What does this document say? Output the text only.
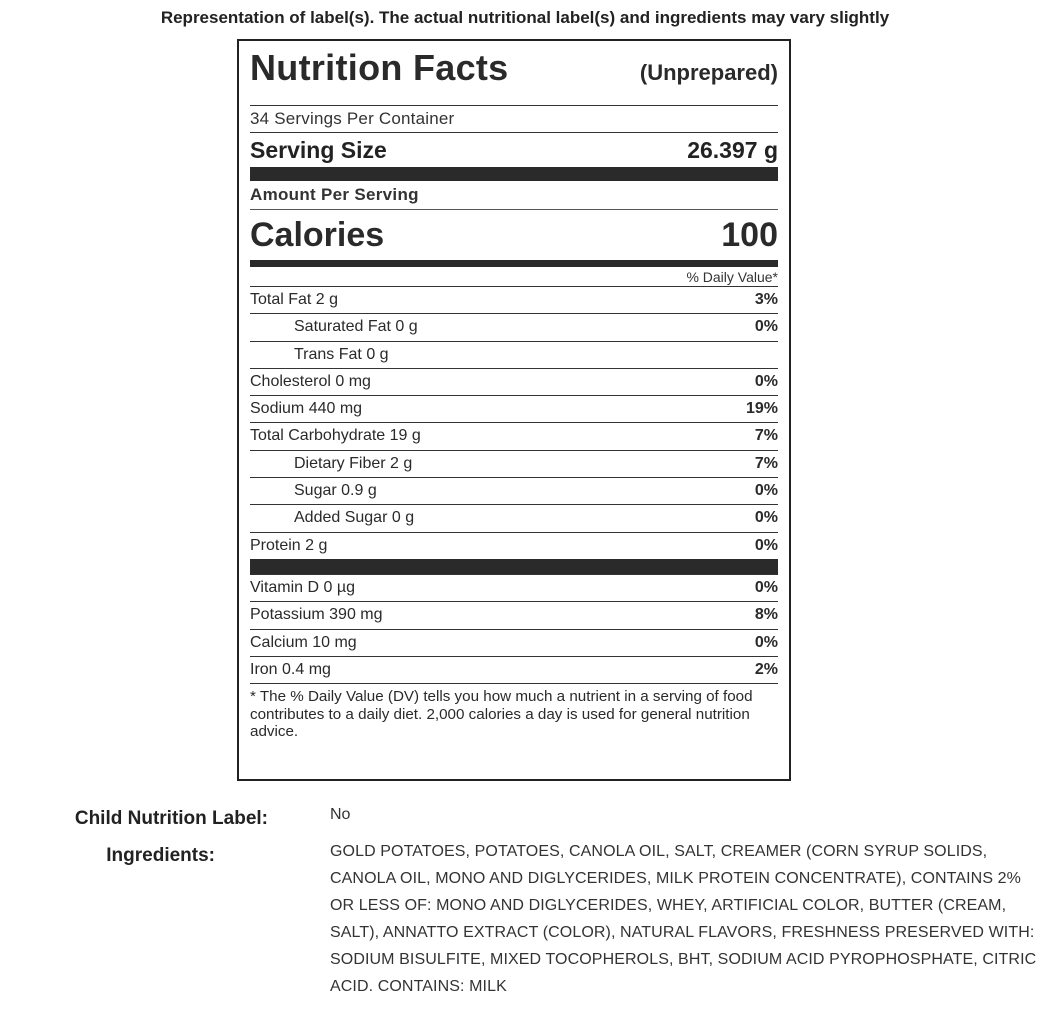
Representation of label(s). The actual nutritional label(s) and ingredients may vary slightly
Nutrition Facts	(Unprepared)
34 Servings Per Container
Serving Size	26.397 g
Amount Per Serving
Calories	100
% Daily Value*
Total Fat 2 g	3%
Saturated Fat 0 g	0%
Trans Fat 0 g
Cholesterol 0 mg	0%
Sodium 440 mg	19%
Total Carbohydrate 19 g	7%
Dietary Fiber 2 g	7%
Sugar 0.9 g	0%
Added Sugar 0 g	0%
Protein 2 g	0%
Vitamin D 0 µg	0%
Potassium 390 mg	8%
Calcium 10 mg	0%
Iron 0.4 mg	2%
* The % Daily Value (DV) tells you how much a nutrient in a serving of food contributes to a daily diet. 2,000 calories a day is used for general nutrition advice.
Child Nutrition Label:	No
Ingredients:	GOLD POTATOES, POTATOES, CANOLA OIL, SALT, CREAMER (CORN SYRUP SOLIDS, CANOLA OIL, MONO AND DIGLYCERIDES, MILK PROTEIN CONCENTRATE), CONTAINS 2% OR LESS OF: MONO AND DIGLYCERIDES, WHEY, ARTIFICIAL COLOR, BUTTER (CREAM, SALT), ANNATTO EXTRACT (COLOR), NATURAL FLAVORS, FRESHNESS PRESERVED WITH: SODIUM BISULFITE, MIXED TOCOPHEROLS, BHT, SODIUM ACID PYROPHOSPHATE, CITRIC ACID. CONTAINS: MILK
